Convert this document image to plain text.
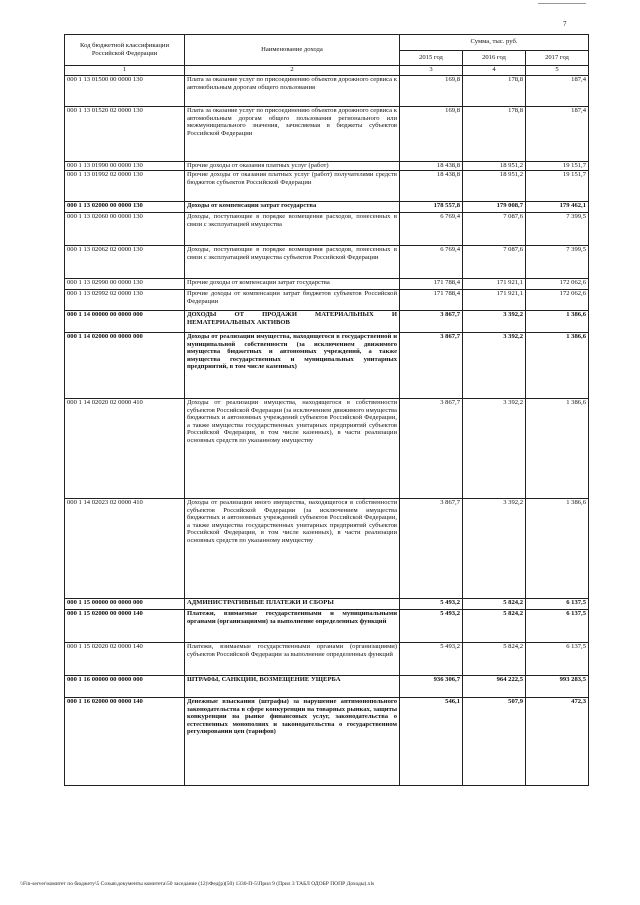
7
Код бюджетной классификации Российской Федерации	Наименование дохода	Сумма, тыс. руб.		
		2015 год	2016 год	2017 год
1	2	3	4	5
000 1 13 01500 00 0000 130	Плата за оказание услуг по присоединению объектов дорожного сервиса к автомобильным дорогам общего пользования	169,8	178,8	187,4
000 1 13 01520 02 0000 130	Плата за оказание услуг по присоединению объектов дорожного сервиса к автомобильным дорогам общего пользования регионального или межмуниципального значения, зачисляемая в бюджеты субъектов Российской Федерации	169,8	178,8	187,4
000 1 13 01990 00 0000 130	Прочие доходы от оказания платных услуг (работ)	18 438,8	18 951,2	19 151,7
000 1 13 01992 02 0000 130	Прочие доходы от оказания платных услуг (работ) получателями средств бюджетов субъектов Российской Федерации	18 438,8	18 951,2	19 151,7
000 1 13 02000 00 0000 130	Доходы от компенсации затрат государства	178 557,8	179 008,7	179 462,1
000 1 13 02060 00 0000 130	Доходы, поступающие в порядке возмещения расходов, понесенных в связи с эксплуатацией имущества	6 769,4	7 087,6	7 399,5
000 1 13 02062 02 0000 130	Доходы, поступающие в порядке возмещения расходов, понесенных в связи с эксплуатацией имущества субъектов Российской Федерации	6 769,4	7 087,6	7 399,5
000 1 13 02990 00 0000 130	Прочие доходы от компенсации затрат государства	171 788,4	171 921,1	172 062,6
000 1 13 02992 02 0000 130	Прочие доходы от компенсации затрат бюджетов субъектов Российской Федерации	171 788,4	171 921,1	172 062,6
000 1 14 00000 00 0000 000	ДОХОДЫ ОТ ПРОДАЖИ МАТЕРИАЛЬНЫХ И НЕМАТЕРИАЛЬНЫХ АКТИВОВ	3 867,7	3 392,2	1 386,6
000 1 14 02000 00 0000 000	Доходы от реализации имущества, находящегося в государственной и муниципальной собственности (за исключением движимого имущества бюджетных и автономных учреждений, а также имущества государственных и муниципальных унитарных предприятий, в том числе казенных)	3 867,7	3 392,2	1 386,6
000 1 14 02020 02 0000 410	Доходы от реализации имущества, находящегося в собственности субъектов Российской Федерации (за исключением движимого имущества бюджетных и автономных учреждений субъектов Российской Федерации, а также имущества государственных унитарных предприятий субъектов Российской Федерации, в том числе казенных), в части реализации основных средств по указанному имуществу	3 867,7	3 392,2	1 386,6
000 1 14 02023 02 0000 410	Доходы от реализации иного имущества, находящегося в собственности субъектов Российской Федерации (за исключением имущества бюджетных и автономных учреждений субъектов Российской Федерации, а также имущества государственных унитарных предприятий субъектов Российской Федерации, в том числе казенных), в части реализации основных средств по указанному имуществу	3 867,7	3 392,2	1 386,6
000 1 15 00000 00 0000 000	АДМИНИСТРАТИВНЫЕ ПЛАТЕЖИ И СБОРЫ	5 493,2	5 824,2	6 137,5
000 1 15 02000 00 0000 140	Платежи, взимаемые государственными и муниципальными органами (организациями) за выполнение определенных функций	5 493,2	5 824,2	6 137,5
000 1 15 02020 02 0000 140	Платежи, взимаемые государственными органами (организациями) субъектов Российской Федерации за выполнение определенных функций	5 493,2	5 824,2	6 137,5
000 1 16 00000 00 0000 000	ШТРАФЫ, САНКЦИИ, ВОЗМЕЩЕНИЕ УЩЕРБА	936 306,7	964 222,5	993 283,5
000 1 16 02000 00 0000 140	Денежные взыскания (штрафы) за нарушение антимонопольного законодательства в сфере конкуренции на товарных рынках, защиты конкуренции на рынке финансовых услуг, законодательства о естественных монополиях и законодательства о государственном регулировании цен (тарифов)	546,1	507,9	472,3
\\Fin-server\комитет по бюджету\5 Созыв\документы комитета\50 заседание (12)\Фед(р)(50) 1330-П-5\Прил 9 (Прил 3 ТАБЛ ОДОБР ПОПР Доходы).xls
